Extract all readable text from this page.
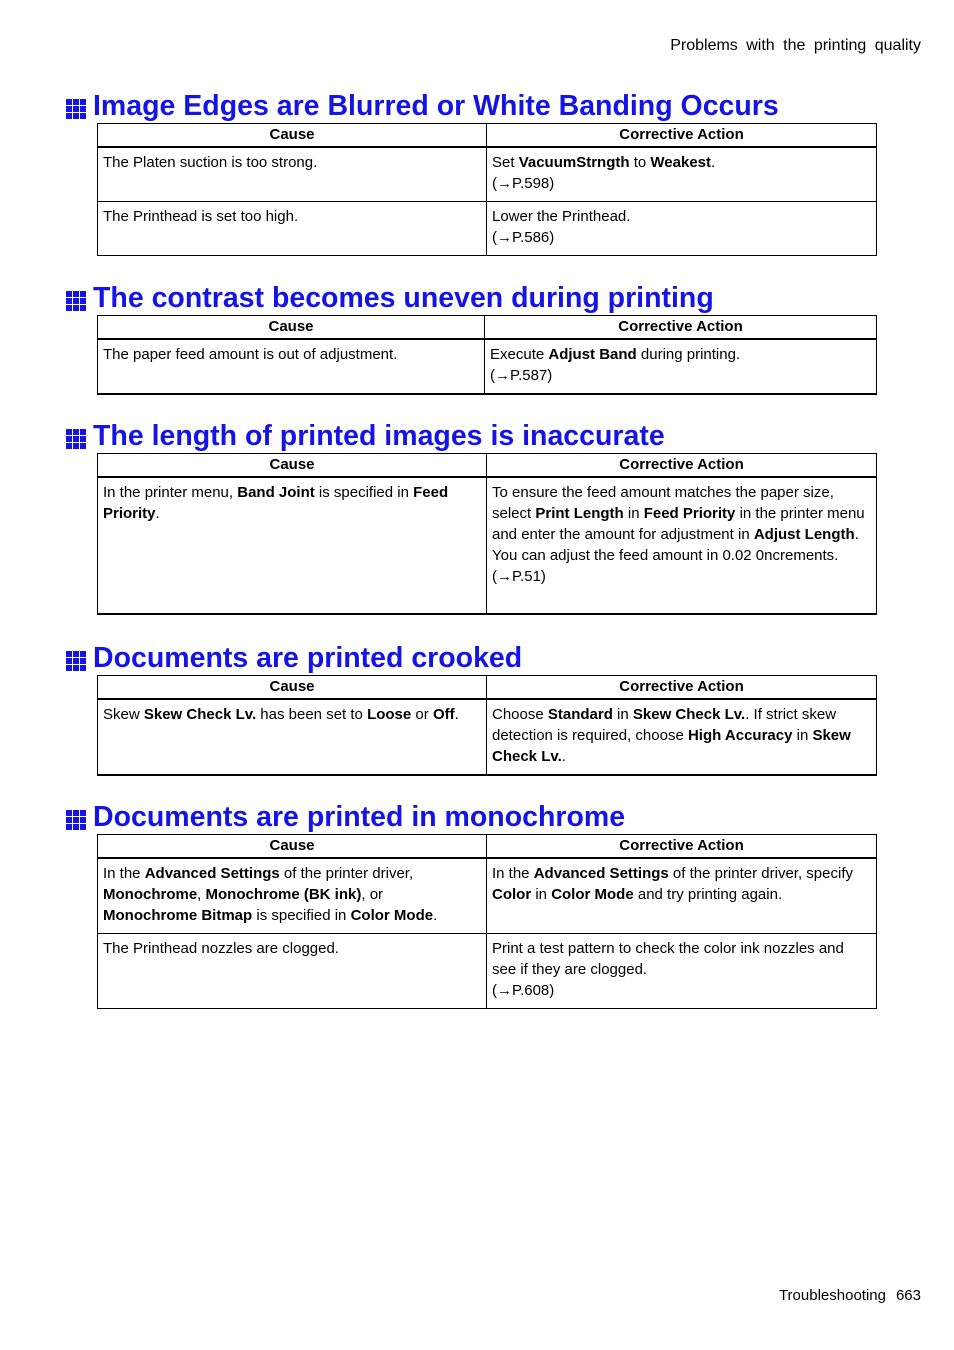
Problems with the printing quality
Image Edges are Blurred or White Banding Occurs
Cause	Corrective Action
The Platen suction is too strong.	Set VacuumStrngth to Weakest.
(→P.598)
The Printhead is set too high.	Lower the Printhead.
(→P.586)
The contrast becomes uneven during printing
Cause	Corrective Action
The paper feed amount is out of adjustment.	Execute Adjust Band during printing.
(→P.587)
The length of printed images is inaccurate
Cause	Corrective Action
In the printer menu, Band Joint is specified in Feed Priority.	To ensure the feed amount matches the paper size, select Print Length in Feed Priority in the printer menu and enter the amount for adjustment in Adjust Length. You can adjust the feed amount in 0.02 0ncrements.
(→P.51)
Documents are printed crooked
Cause	Corrective Action
Skew Skew Check Lv. has been set to Loose or Off.	Choose Standard in Skew Check Lv.. If strict skew detection is required, choose High Accuracy in Skew Check Lv..
Documents are printed in monochrome
Cause	Corrective Action
In the Advanced Settings of the printer driver, Monochrome, Monochrome (BK ink), or Monochrome Bitmap is specified in Color Mode.	In the Advanced Settings of the printer driver, specify Color in Color Mode and try printing again.
The Printhead nozzles are clogged.	Print a test pattern to check the color ink nozzles and see if they are clogged.
(→P.608)
Troubleshooting 663
